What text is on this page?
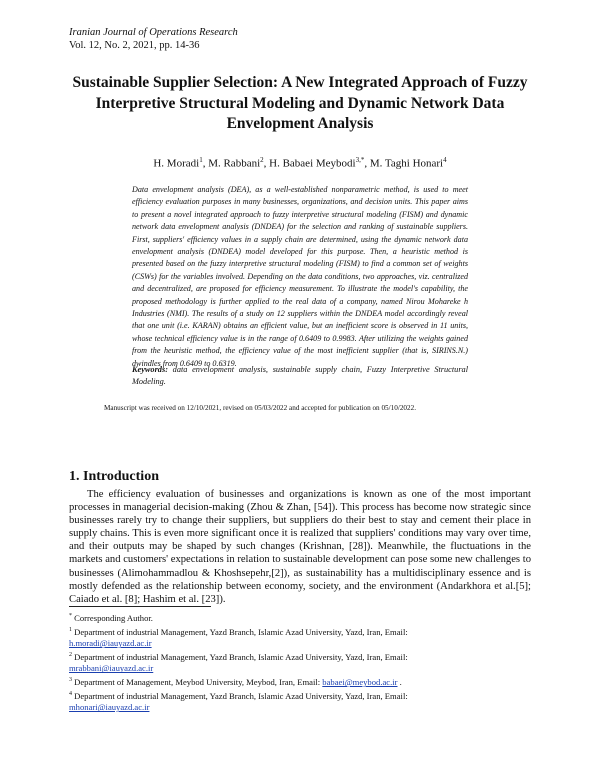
Iranian Journal of Operations Research
Vol. 12, No. 2, 2021, pp. 14-36
Sustainable Supplier Selection: A New Integrated Approach of Fuzzy Interpretive Structural Modeling and Dynamic Network Data Envelopment Analysis
H. Moradi$^1$, M. Rabbani$^2$, H. Babaei Meybodi$^{3,*}$, M. Taghi Honari$^4$
Data envelopment analysis (DEA), as a well-established nonparametric method, is used to meet efficiency evaluation purposes in many businesses, organizations, and decision units. This paper aims to present a novel integrated approach to fuzzy interpretive structural modeling (FISM) and dynamic network data envelopment analysis (DNDEA) for the selection and ranking of sustainable suppliers. First, suppliers' efficiency values in a supply chain are determined, using the dynamic network data envelopment analysis (DNDEA) model developed for this purpose. Then, a heuristic method is presented based on the fuzzy interpretive structural modeling (FISM) to find a common set of weights (CSWs) for the variables involved. Depending on the data conditions, two approaches, viz. centralized and decentralized, are proposed for efficiency measurement. To illustrate the model's capability, the proposed methodology is further applied to the real data of a company, named Nirou Mohareke h Industries (NMI). The results of a study on 12 suppliers within the DNDEA model accordingly reveal that one unit (i.e. KARAN) obtains an efficient value, but an inefficient score is observed in 11 units, whose technical efficiency value is in the range of 0.6409 to 0.9983. After utilizing the weights gained from the heuristic method, the efficiency value of the most inefficient supplier (that is, SIRINS.N.) dwindles from 0.6409 to 0.6319.
Keywords: data envelopment analysis, sustainable supply chain, Fuzzy Interpretive Structural Modeling.
Manuscript was received on 12/10/2021, revised on 05/03/2022 and accepted for publication on 05/10/2022.
1. Introduction
The efficiency evaluation of businesses and organizations is known as one of the most important processes in managerial decision-making (Zhou & Zhan, [54]). This process has become now strategic since businesses rarely try to change their suppliers, but suppliers do their best to stay and cement their place in supply chains. This is even more significant once it is realized that suppliers' conditions may vary over time, and their outputs may be shaped by such changes (Krishnan, [28]). Meanwhile, the fluctuations in the markets and customers' expectations in relation to sustainable development can pose some new challenges to businesses (Alimohammadlou & Khoshsepehr,[2]), as sustainability has a multidisciplinary essence and is mostly defended as the relationship between economy, society, and the environment (Andarkhora et al.[5]; Caiado et al. [8]; Hashim et al. [23]).
* Corresponding Author.
$^1$ Department of industrial Management, Yazd Branch, Islamic Azad University, Yazd, Iran, Email:
h.moradi@iauyazd.ac.ir
$^2$ Department of industrial Management, Yazd Branch, Islamic Azad University, Yazd, Iran, Email:
mrabbani@iauyazd.ac.ir
$^3$ Department of Management, Meybod University, Meybod, Iran, Email: babaei@meybod.ac.ir .
$^4$ Department of industrial Management, Yazd Branch, Islamic Azad University, Yazd, Iran, Email:
mhonari@iauyazd.ac.ir
